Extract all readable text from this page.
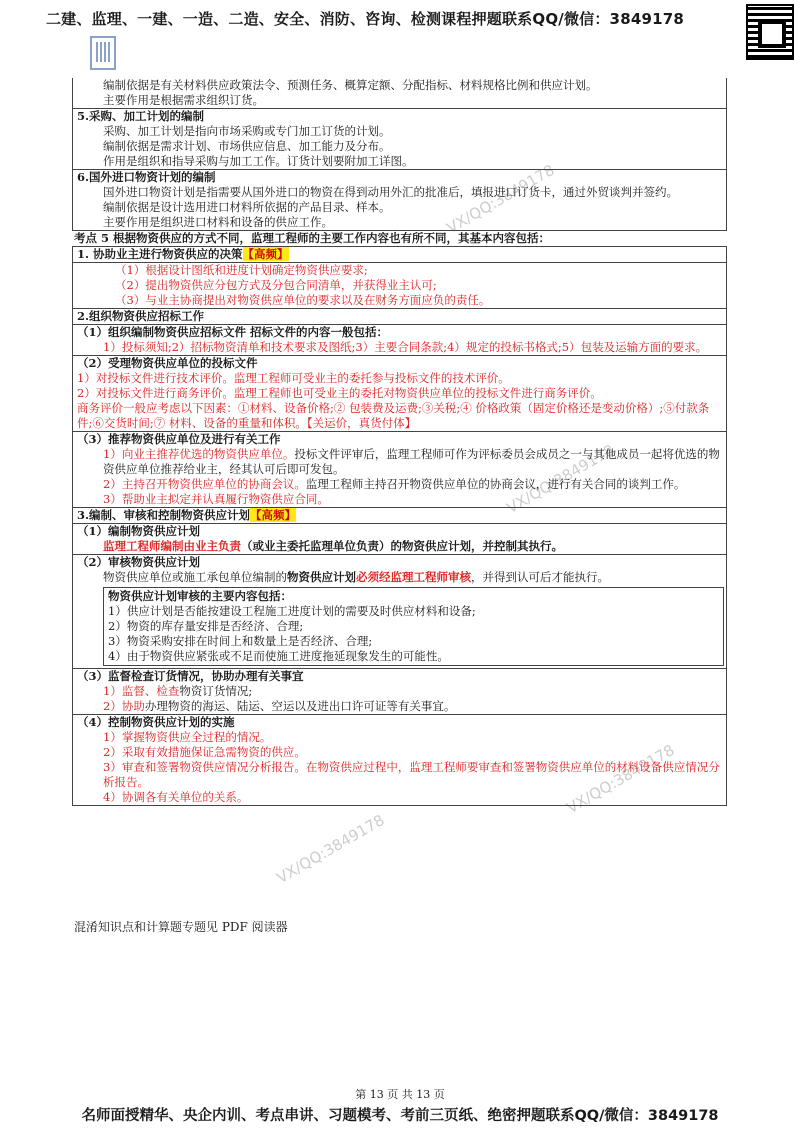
二建、监理、一建、一造、二造、安全、消防、咨询、检测课程押题联系QQ/微信：3849178
VX/QQ:3849178
VX/QQ:3849178
VX/QQ:3849178
VX/QQ:3849178
编制依据是有关材料供应政策法令、预测任务、概算定额、分配指标、材料规格比例和供应计划。
主要作用是根据需求组织订货。
5.采购、加工计划的编制
采购、加工计划是指向市场采购或专门加工订货的计划。
编制依据是需求计划、市场供应信息、加工能力及分布。
作用是组织和指导采购与加工工作。订货计划要附加工详图。
6.国外进口物资计划的编制
国外进口物资计划是指需要从国外进口的物资在得到动用外汇的批准后，填报进口订货卡，通过外贸谈判并签约。
编制依据是设计选用进口材料所依据的产品目录、样本。
主要作用是组织进口材料和设备的供应工作。
考点 5 根据物资供应的方式不同，监理工程师的主要工作内容也有所不同，其基本内容包括：
1. 协助业主进行物资供应的决策【高频】
（1）根据设计图纸和进度计划确定物资供应要求;
（2）提出物资供应分包方式及分包合同清单，并获得业主认可;
（3）与业主协商提出对物资供应单位的要求以及在财务方面应负的责任。
2.组织物资供应招标工作
（1）组织编制物资供应招标文件 招标文件的内容一般包括：
1）投标须知;2）招标物资清单和技术要求及图纸;3）主要合同条款;4）规定的投标书格式;5）包装及运输方面的要求。
（2）受理物资供应单位的投标文件
1）对投标文件进行技术评价。监理工程师可受业主的委托参与投标文件的技术评价。
2）对投标文件进行商务评价。监理工程师也可受业主的委托对物资供应单位的投标文件进行商务评价。
商务评价一般应考虑以下因素：①材料、设备价格;② 包装费及运费;③关税;④ 价格政策（固定价格还是变动价格）;⑤付款条件;⑥交货时间;⑦ 材料、设备的重量和体积。【关运价，真货付体】
（3）推荐物资供应单位及进行有关工作
1）向业主推荐优选的物资供应单位。投标文件评审后，监理工程师可作为评标委员会成员之一与其他成员一起将优选的物资供应单位推荐给业主，经其认可后即可发包。
2）主持召开物资供应单位的协商会议。监理工程师主持召开物资供应单位的协商会议，进行有关合同的谈判工作。
3）帮助业主拟定并认真履行物资供应合同。
3.编制、审核和控制物资供应计划【高频】
（1）编制物资供应计划
监理工程师编制由业主负责（或业主委托监理单位负责）的物资供应计划，并控制其执行。
（2）审核物资供应计划
物资供应单位或施工承包单位编制的物资供应计划必须经监理工程师审核，并得到认可后才能执行。
物资供应计划审核的主要内容包括：
1）供应计划是否能按建设工程施工进度计划的需要及时供应材料和设备;
2）物资的库存量安排是否经济、合理;
3）物资采购安排在时间上和数量上是否经济、合理;
4）由于物资供应紧张或不足而使施工进度拖延现象发生的可能性。
（3）监督检查订货情况，协助办理有关事宜
1）监督、检查物资订货情况;
2）协助办理物资的海运、陆运、空运以及进出口许可证等有关事宜。
（4）控制物资供应计划的实施
1）掌握物资供应全过程的情况。
2）采取有效措施保证急需物资的供应。
3）审查和签署物资供应情况分析报告。在物资供应过程中，监理工程师要审查和签署物资供应单位的材料设备供应情况分析报告。
4）协调各有关单位的关系。
混淆知识点和计算题专题见 PDF 阅读器
第 13 页 共 13 页
名师面授精华、央企内训、考点串讲、习题模考、考前三页纸、绝密押题联系QQ/微信：3849178
